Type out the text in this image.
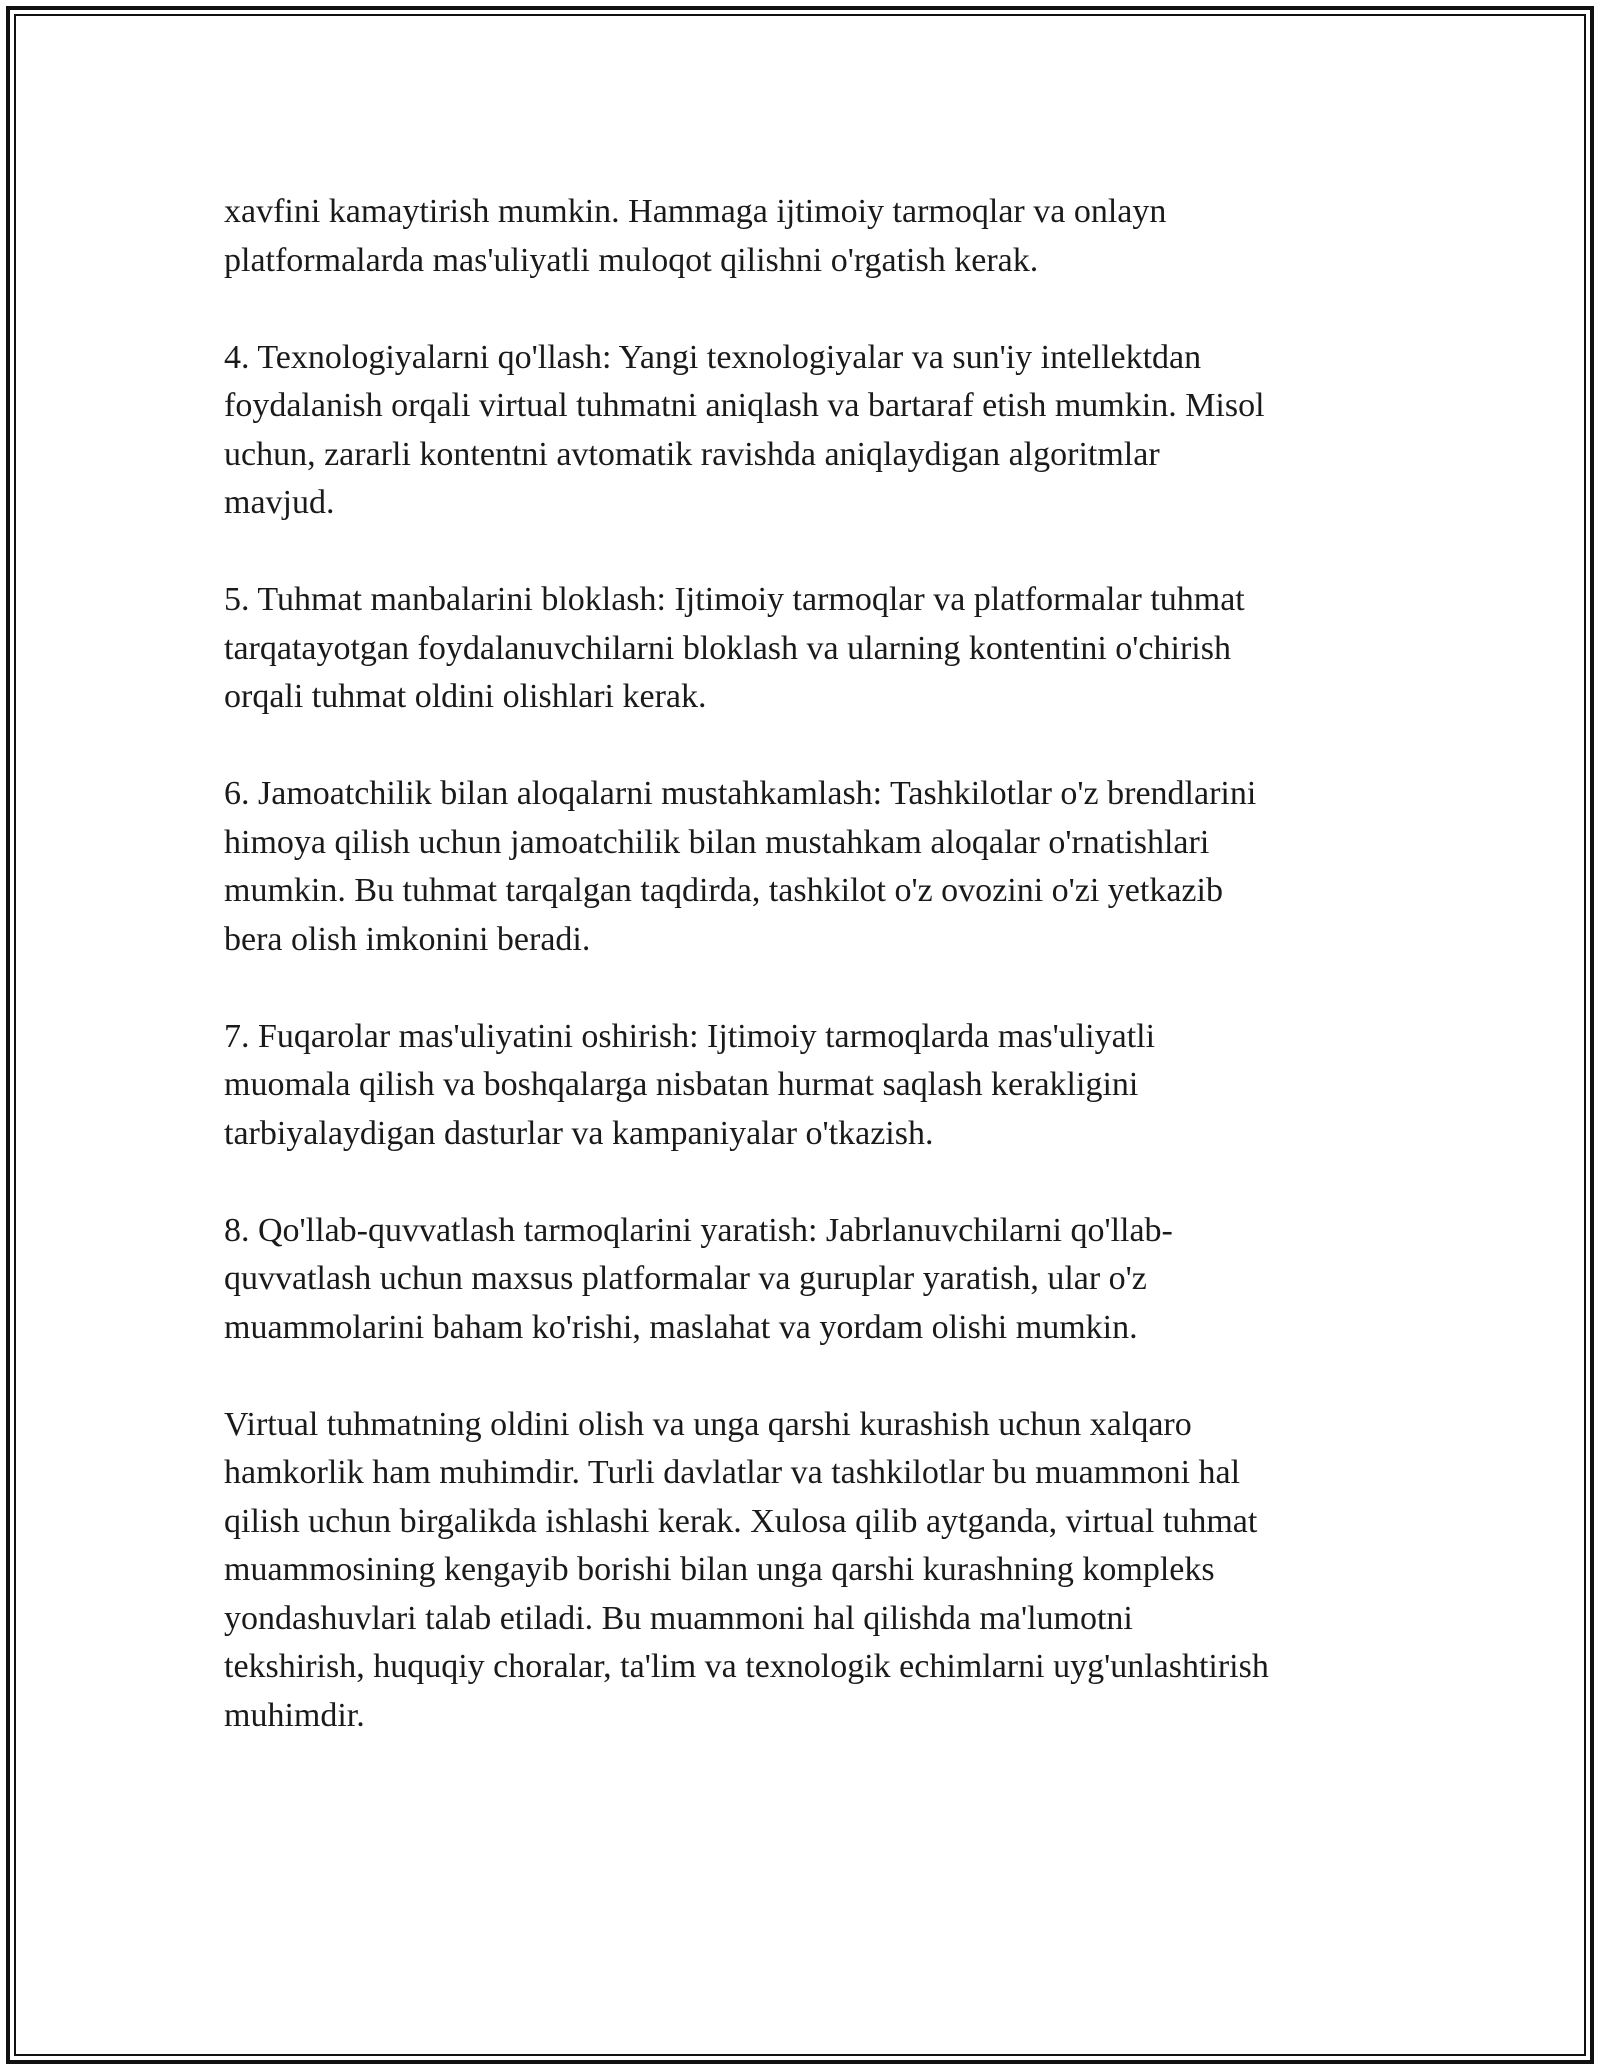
xavfini kamaytirish mumkin. Hammaga ijtimoiy tarmoqlar va onlayn
platformalarda mas'uliyatli muloqot qilishni o'rgatish kerak.

4. Texnologiyalarni qo'llash: Yangi texnologiyalar va sun'iy intellektdan
foydalanish orqali virtual tuhmatni aniqlash va bartaraf etish mumkin. Misol
uchun, zararli kontentni avtomatik ravishda aniqlaydigan algoritmlar
mavjud.

5. Tuhmat manbalarini bloklash: Ijtimoiy tarmoqlar va platformalar tuhmat
tarqatayotgan foydalanuvchilarni bloklash va ularning kontentini o'chirish
orqali tuhmat oldini olishlari kerak.

6. Jamoatchilik bilan aloqalarni mustahkamlash: Tashkilotlar o'z brendlarini
himoya qilish uchun jamoatchilik bilan mustahkam aloqalar o'rnatishlari
mumkin. Bu tuhmat tarqalgan taqdirda, tashkilot o'z ovozini o'zi yetkazib
bera olish imkonini beradi.

7. Fuqarolar mas'uliyatini oshirish: Ijtimoiy tarmoqlarda mas'uliyatli
muomala qilish va boshqalarga nisbatan hurmat saqlash kerakligini
tarbiyalaydigan dasturlar va kampaniyalar o'tkazish.

8. Qo'llab-quvvatlash tarmoqlarini yaratish: Jabrlanuvchilarni qo'llab-
quvvatlash uchun maxsus platformalar va guruplar yaratish, ular o'z
muammolarini baham ko'rishi, maslahat va yordam olishi mumkin.

Virtual tuhmatning oldini olish va unga qarshi kurashish uchun xalqaro
hamkorlik ham muhimdir. Turli davlatlar va tashkilotlar bu muammoni hal
qilish uchun birgalikda ishlashi kerak. Xulosa qilib aytganda, virtual tuhmat
muammosining kengayib borishi bilan unga qarshi kurashning kompleks
yondashuvlari talab etiladi. Bu muammoni hal qilishda ma'lumotni
tekshirish, huquqiy choralar, ta'lim va texnologik echimlarni uyg'unlashtirish
muhimdir.
